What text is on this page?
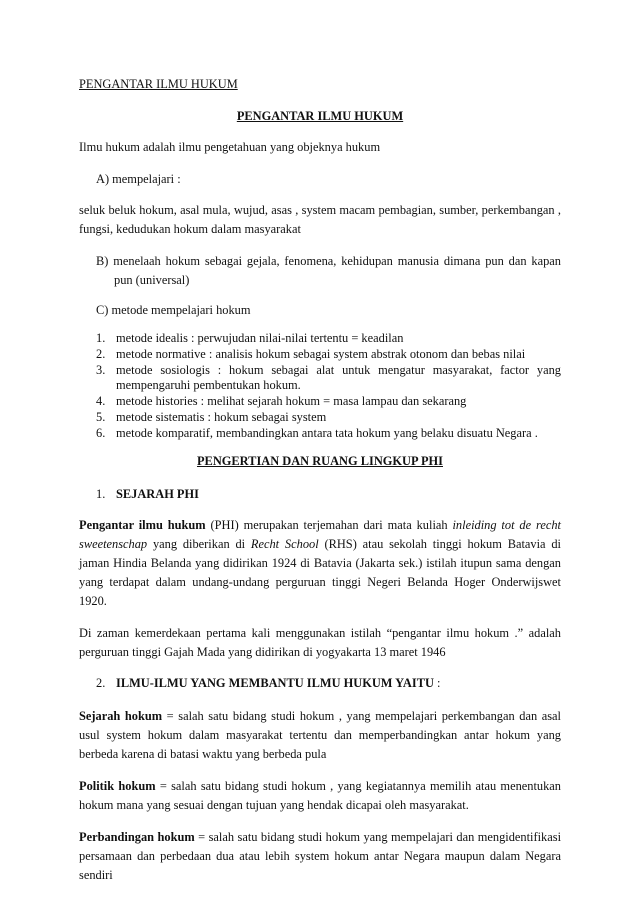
PENGANTAR ILMU HUKUM

PENGANTAR ILMU HUKUM

Ilmu hukum adalah ilmu pengetahuan yang objeknya hukum

A) mempelajari :

seluk beluk hokum, asal mula, wujud, asas , system macam pembagian, sumber, perkembangan , fungsi, kedudukan hokum dalam masyarakat

B) menelaah hokum sebagai gejala, fenomena, kehidupan manusia dimana pun dan kapan pun (universal)

C) metode mempelajari hokum

1. metode idealis : perwujudan nilai-nilai tertentu = keadilan
2. metode normative : analisis hokum sebagai system abstrak otonom dan bebas nilai
3. metode sosiologis : hokum sebagai alat untuk mengatur masyarakat, factor yang mempengaruhi pembentukan hokum.
4. metode histories : melihat sejarah hokum = masa lampau dan sekarang
5. metode sistematis : hokum sebagai system
6. metode komparatif, membandingkan antara tata hokum yang belaku disuatu Negara .

PENGERTIAN DAN RUANG LINGKUP PHI

1. SEJARAH PHI

Pengantar ilmu hukum (PHI) merupakan terjemahan dari mata kuliah inleiding tot de recht sweetenschap yang diberikan di Recht School (RHS) atau sekolah tinggi hokum Batavia di jaman Hindia Belanda yang didirikan 1924 di Batavia (Jakarta sek.) istilah itupun sama dengan yang terdapat dalam undang-undang perguruan tinggi Negeri Belanda Hoger Onderwijswet 1920.

Di zaman kemerdekaan pertama kali menggunakan istilah “pengantar ilmu hokum .” adalah perguruan tinggi Gajah Mada yang didirikan di yogyakarta 13 maret 1946

2. ILMU-ILMU YANG MEMBANTU ILMU HUKUM YAITU :

Sejarah hokum = salah satu bidang studi hokum , yang mempelajari perkembangan dan asal usul system hokum dalam masyarakat tertentu dan memperbandingkan antar hokum yang berbeda karena di batasi waktu yang berbeda pula

Politik hokum = salah satu bidang studi hokum , yang kegiatannya memilih atau menentukan hokum mana yang sesuai dengan tujuan yang hendak dicapai oleh masyarakat.

Perbandingan hokum = salah satu bidang studi hokum yang mempelajari dan mengidentifikasi persamaan dan perbedaan dua atau lebih system hokum antar Negara maupun dalam Negara sendiri
